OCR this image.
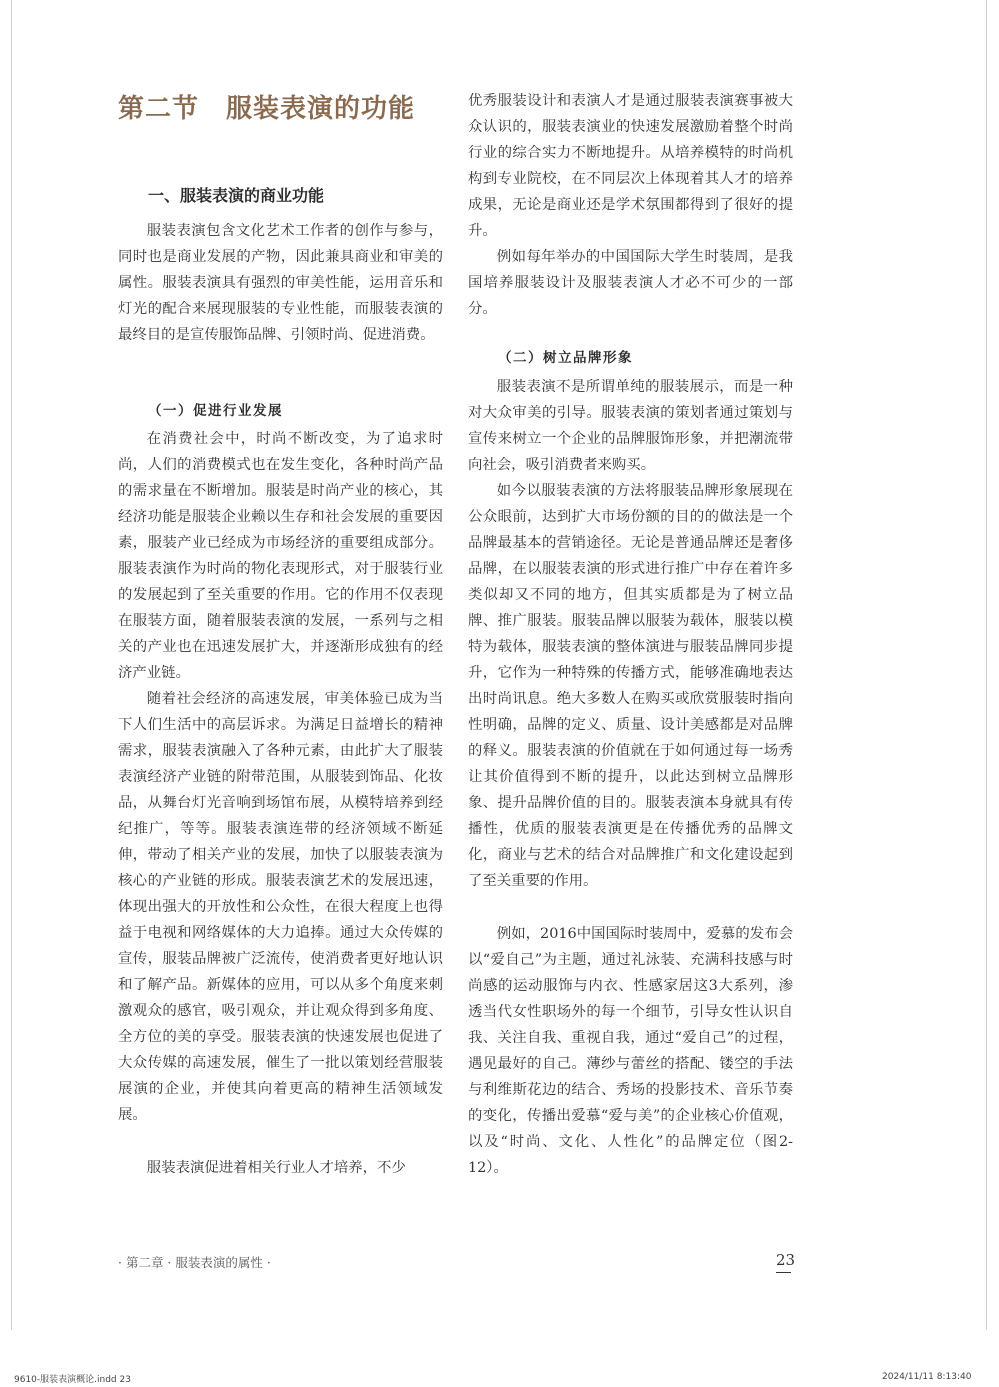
第二节　服装表演的功能
一、服装表演的商业功能

服装表演包含文化艺术工作者的创作与参与，同时也是商业发展的产物，因此兼具商业和审美的属性。服装表演具有强烈的审美性能，运用音乐和灯光的配合来展现服装的专业性能，而服装表演的最终目的是宣传服饰品牌、引领时尚、促进消费。

（一）促进行业发展

在消费社会中，时尚不断改变，为了追求时尚，人们的消费模式也在发生变化，各种时尚产品的需求量在不断增加。服装是时尚产业的核心，其经济功能是服装企业赖以生存和社会发展的重要因素，服装产业已经成为市场经济的重要组成部分。服装表演作为时尚的物化表现形式，对于服装行业的发展起到了至关重要的作用。它的作用不仅表现在服装方面，随着服装表演的发展，一系列与之相关的产业也在迅速发展扩大，并逐渐形成独有的经济产业链。

随着社会经济的高速发展，审美体验已成为当下人们生活中的高层诉求。为满足日益增长的精神需求，服装表演融入了各种元素，由此扩大了服装表演经济产业链的附带范围，从服装到饰品、化妆品，从舞台灯光音响到场馆布展，从模特培养到经纪推广，等等。服装表演连带的经济领域不断延伸，带动了相关产业的发展，加快了以服装表演为核心的产业链的形成。服装表演艺术的发展迅速，体现出强大的开放性和公众性，在很大程度上也得益于电视和网络媒体的大力追捧。通过大众传媒的宣传，服装品牌被广泛流传，使消费者更好地认识和了解产品。新媒体的应用，可以从多个角度来刺激观众的感官，吸引观众，并让观众得到多角度、全方位的美的享受。服装表演的快速发展也促进了大众传媒的高速发展，催生了一批以策划经营服装展演的企业，并使其向着更高的精神生活领域发展。

服装表演促进着相关行业人才培养，不少

优秀服装设计和表演人才是通过服装表演赛事被大众认识的，服装表演业的快速发展激励着整个时尚行业的综合实力不断地提升。从培养模特的时尚机构到专业院校，在不同层次上体现着其人才的培养成果，无论是商业还是学术氛围都得到了很好的提升。

例如每年举办的中国国际大学生时装周，是我国培养服装设计及服装表演人才必不可少的一部分。

（二）树立品牌形象

服装表演不是所谓单纯的服装展示，而是一种对大众审美的引导。服装表演的策划者通过策划与宣传来树立一个企业的品牌服饰形象，并把潮流带向社会，吸引消费者来购买。

如今以服装表演的方法将服装品牌形象展现在公众眼前，达到扩大市场份额的目的的做法是一个品牌最基本的营销途径。无论是普通品牌还是奢侈品牌，在以服装表演的形式进行推广中存在着许多类似却又不同的地方，但其实质都是为了树立品牌、推广服装。服装品牌以服装为载体，服装以模特为载体，服装表演的整体演进与服装品牌同步提升，它作为一种特殊的传播方式，能够准确地表达出时尚讯息。绝大多数人在购买或欣赏服装时指向性明确，品牌的定义、质量、设计美感都是对品牌的释义。服装表演的价值就在于如何通过每一场秀让其价值得到不断的提升，以此达到树立品牌形象、提升品牌价值的目的。服装表演本身就具有传播性，优质的服装表演更是在传播优秀的品牌文化，商业与艺术的结合对品牌推广和文化建设起到了至关重要的作用。

例如，2016中国国际时装周中，爱慕的发布会以“爱自己”为主题，通过礼泳装、充满科技感与时尚感的运动服饰与内衣、性感家居这3大系列，渗透当代女性职场外的每一个细节，引导女性认识自我、关注自我、重视自我，通过“爱自己”的过程，遇见最好的自己。薄纱与蕾丝的搭配、镂空的手法与利维斯花边的结合、秀场的投影技术、音乐节奏的变化，传播出爱慕“爱与美”的企业核心价值观，以及“时尚、文化、人性化”的品牌定位（图2-12）。

· 第二章 · 服装表演的属性 ·	23
9610-服装表演概论.indd 23	2024/11/11 8:13:40
